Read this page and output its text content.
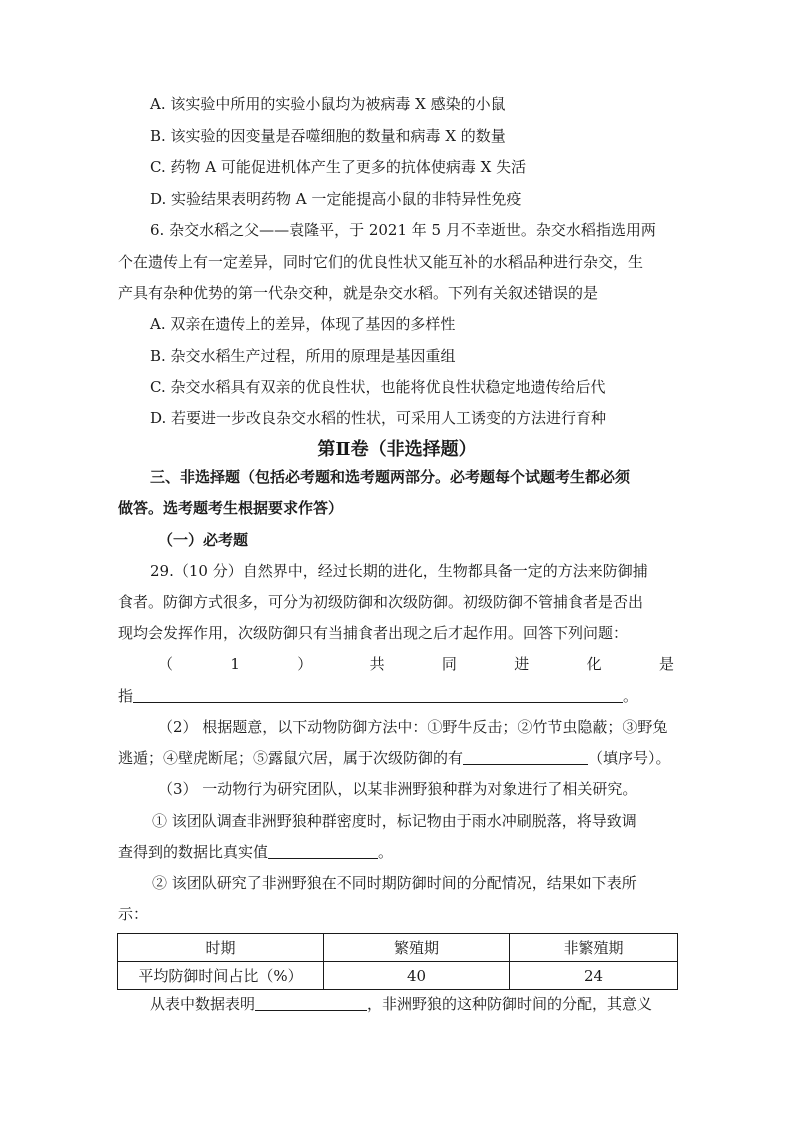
A. 该实验中所用的实验小鼠均为被病毒 X 感染的小鼠
B. 该实验的因变量是吞噬细胞的数量和病毒 X 的数量
C. 药物 A 可能促进机体产生了更多的抗体使病毒 X 失活
D. 实验结果表明药物 A 一定能提高小鼠的非特异性免疫
6. 杂交水稻之父——袁隆平，于 2021 年 5 月不幸逝世。杂交水稻指选用两
个在遗传上有一定差异，同时它们的优良性状又能互补的水稻品种进行杂交，生
产具有杂种优势的第一代杂交种，就是杂交水稻。下列有关叙述错误的是
A. 双亲在遗传上的差异，体现了基因的多样性
B. 杂交水稻生产过程，所用的原理是基因重组
C. 杂交水稻具有双亲的优良性状，也能将优良性状稳定地遗传给后代
D. 若要进一步改良杂交水稻的性状，可采用人工诱变的方法进行育种
第Ⅱ卷（非选择题）
三、非选择题（包括必考题和选考题两部分。必考题每个试题考生都必须
做答。选考题考生根据要求作答）
（一）必考题
29.（10 分）自然界中，经过长期的进化，生物都具备一定的方法来防御捕
食者。防御方式很多，可分为初级防御和次级防御。初级防御不管捕食者是否出
现均会发挥作用，次级防御只有当捕食者出现之后才起作用。回答下列问题：
（	1	）	共	同	进	化	是
指	。
（2） 根据题意，以下动物防御方法中：①野牛反击；②竹节虫隐蔽；③野兔
逃遁；④壁虎断尾；⑤露鼠穴居，属于次级防御的有	（填序号）。
（3） 一动物行为研究团队，以某非洲野狼种群为对象进行了相关研究。
① 该团队调查非洲野狼种群密度时，标记物由于雨水冲刷脱落，将导致调
查得到的数据比真实值	。
② 该团队研究了非洲野狼在不同时期防御时间的分配情况，结果如下表所
示：
时期	繁殖期	非繁殖期
平均防御时间占比（%）	40	24
从表中数据表明	，非洲野狼的这种防御时间的分配，其意义
